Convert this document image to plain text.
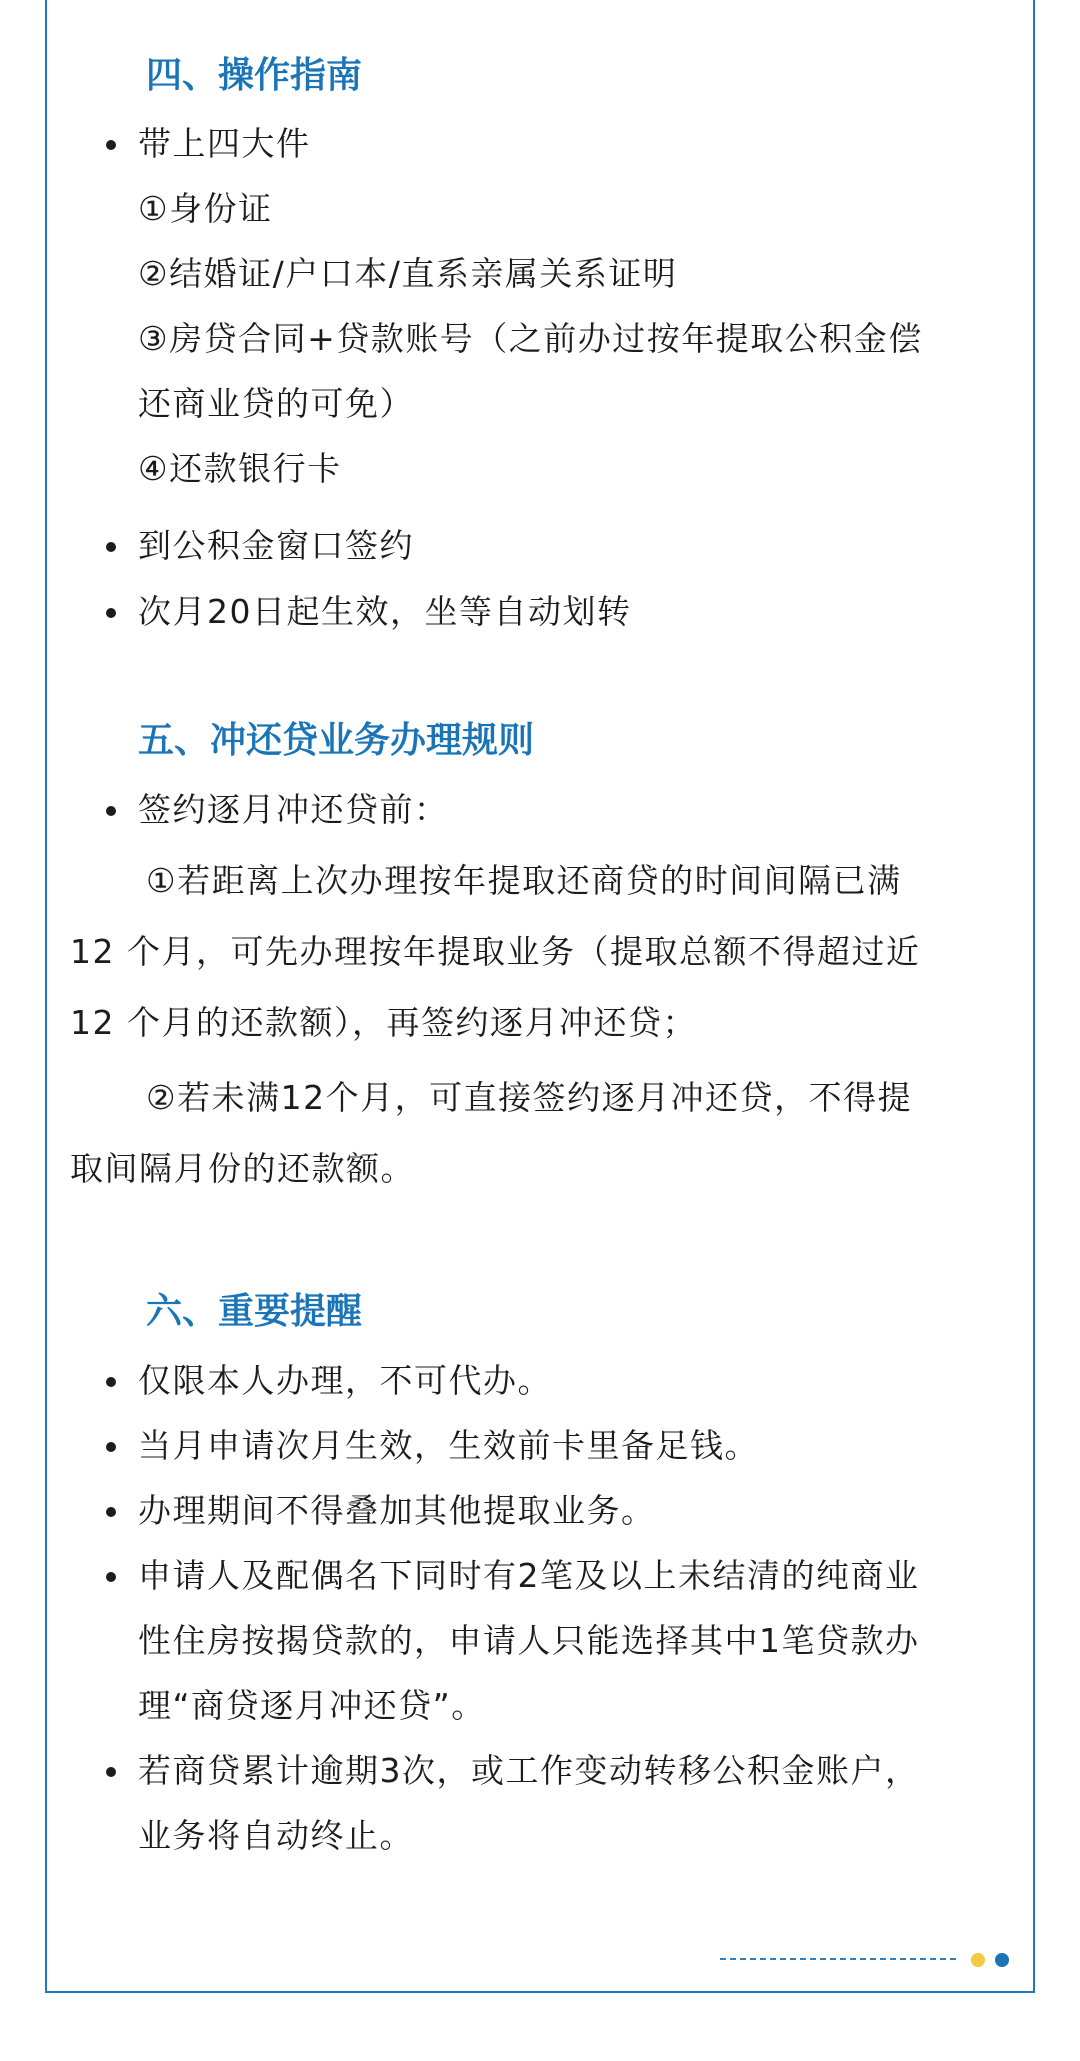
四、操作指南
带上四大件
①身份证
②结婚证/户口本/直系亲属关系证明
③房贷合同+贷款账号（之前办过按年提取公积金偿
还商业贷的可免）
④还款银行卡
到公积金窗口签约
次月20日起生效，坐等自动划转
五、冲还贷业务办理规则
签约逐月冲还贷前：
①若距离上次办理按年提取还商贷的时间间隔已满
12 个月，可先办理按年提取业务（提取总额不得超过近
12 个月的还款额），再签约逐月冲还贷；
②若未满12个月，可直接签约逐月冲还贷，不得提
取间隔月份的还款额。
六、重要提醒
仅限本人办理，不可代办。
当月申请次月生效，生效前卡里备足钱。
办理期间不得叠加其他提取业务。
申请人及配偶名下同时有2笔及以上未结清的纯商业
性住房按揭贷款的，申请人只能选择其中1笔贷款办
理“商贷逐月冲还贷”。
若商贷累计逾期3次，或工作变动转移公积金账户，
业务将自动终止。
